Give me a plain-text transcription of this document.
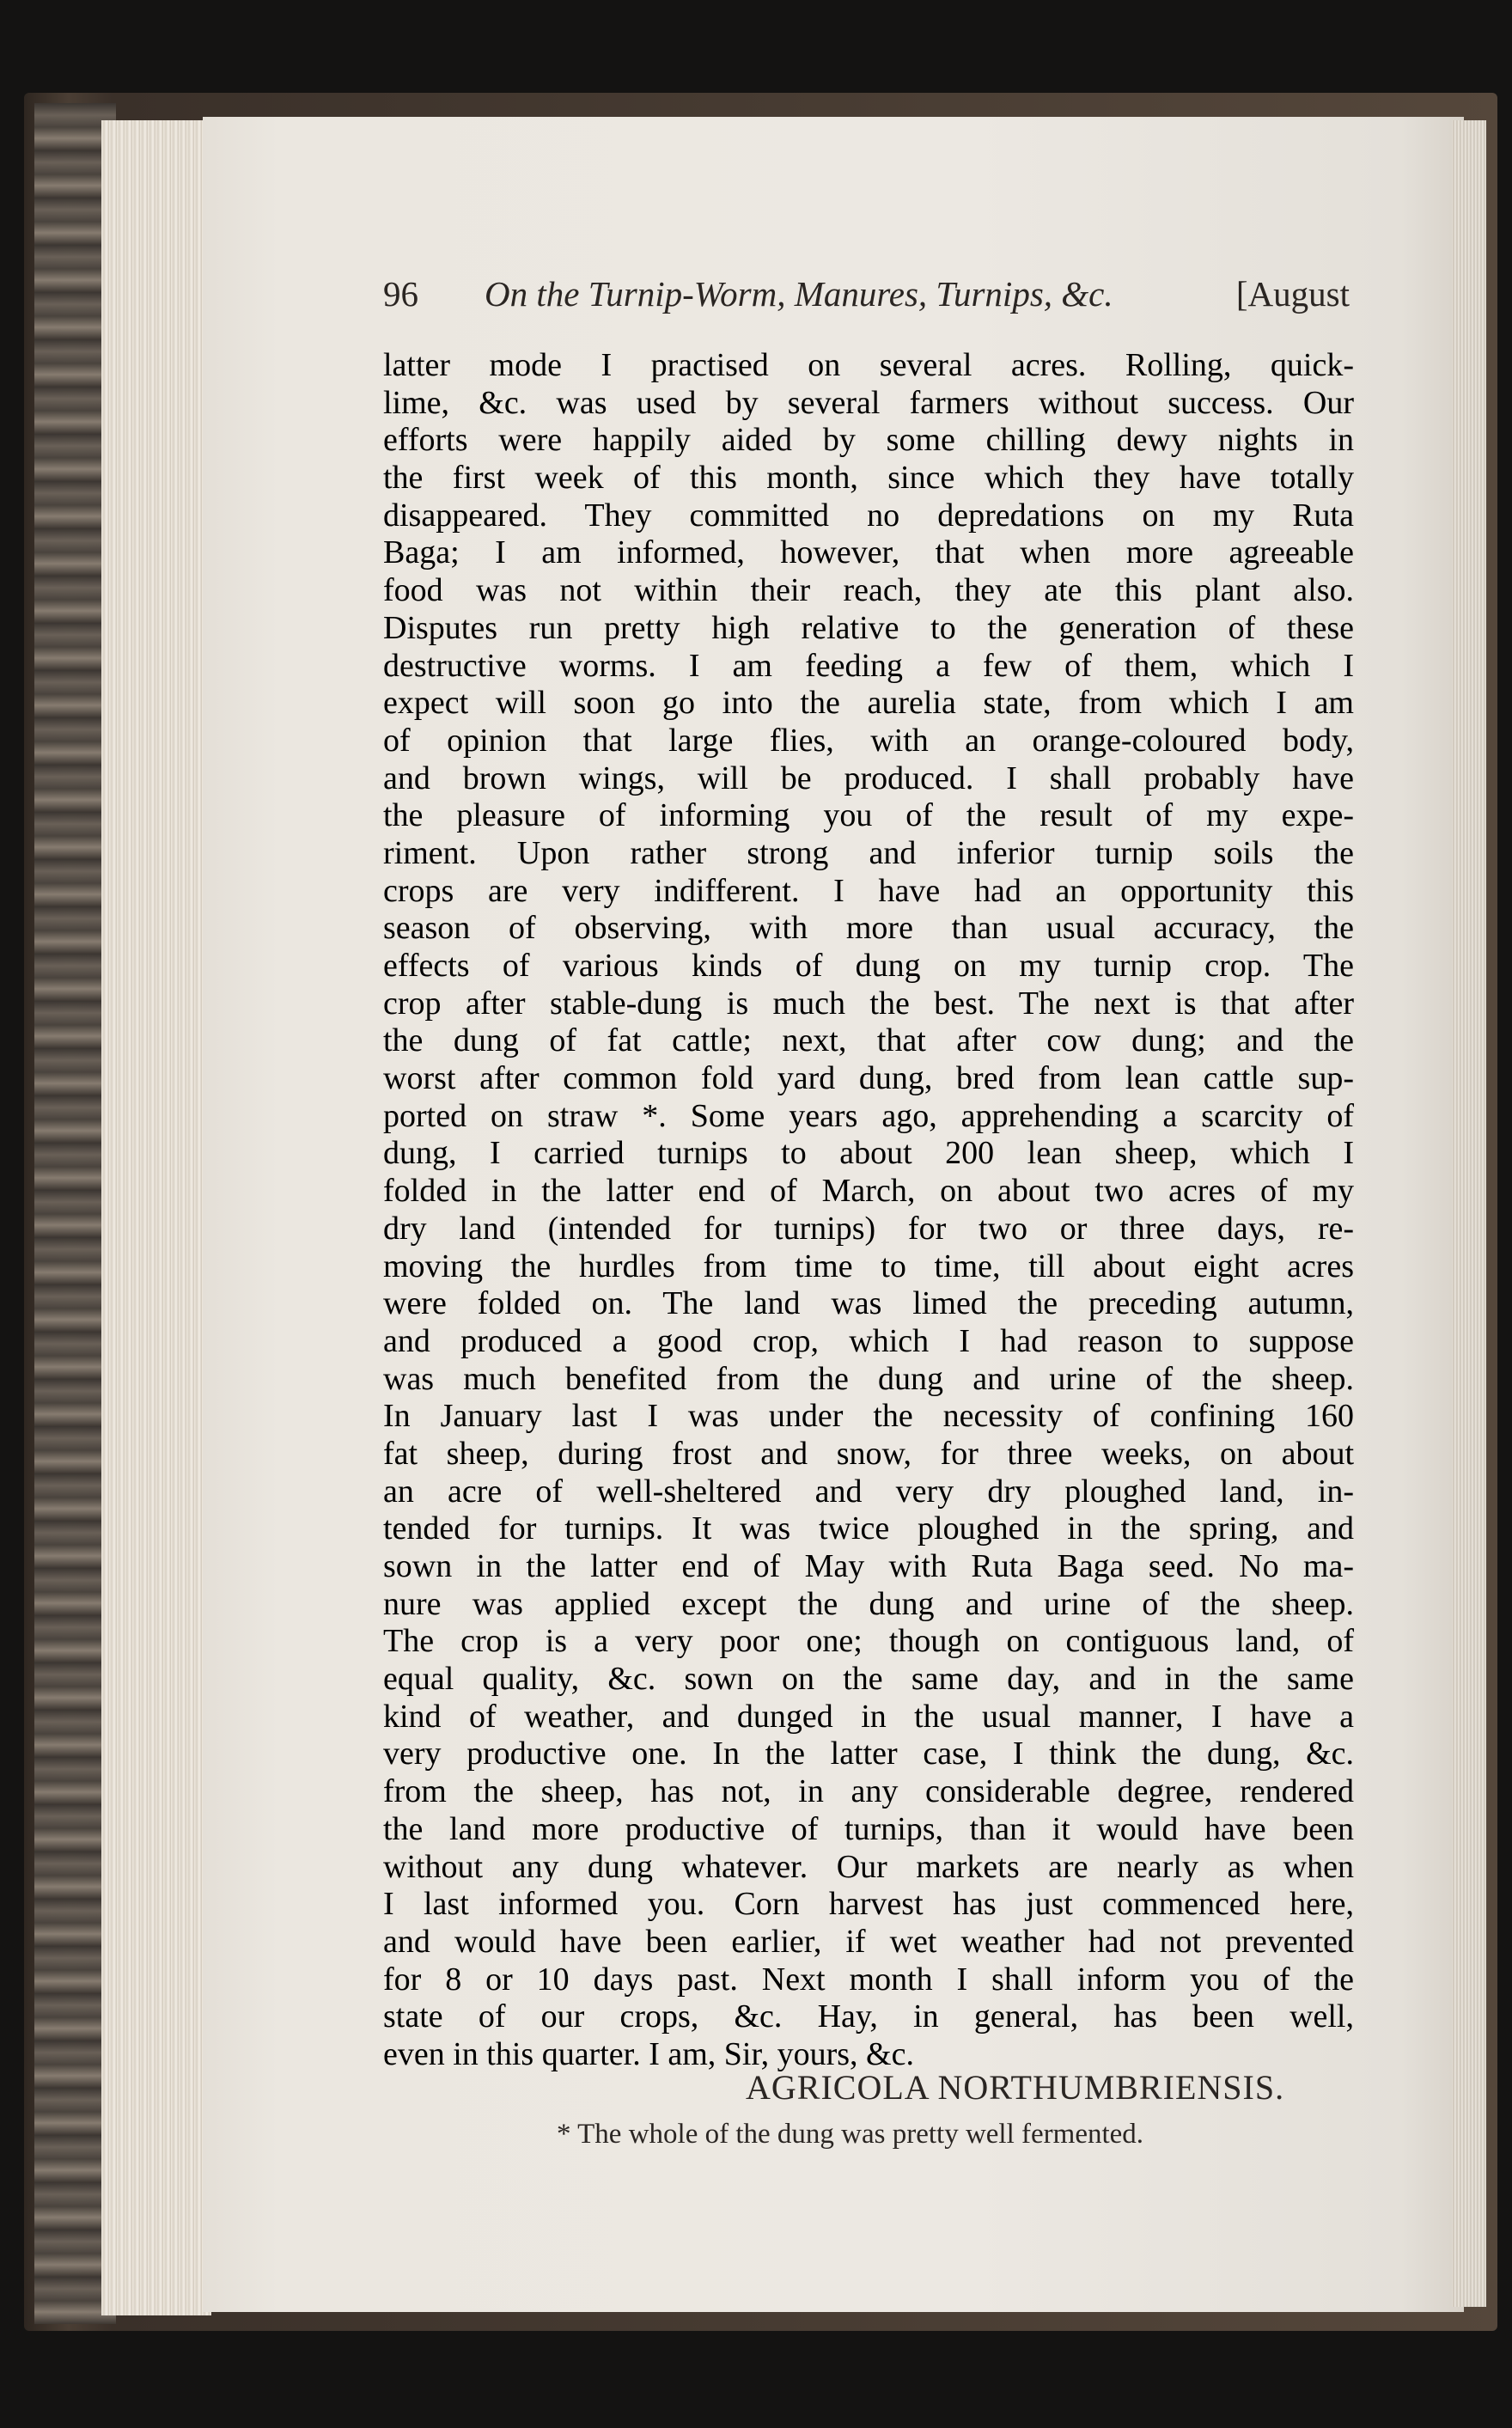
96 On the Turnip-Worm, Manures, Turnips, &c.	[August
latter mode I practised on several acres. Rolling, quick-
lime, &c. was used by several farmers without success. Our
efforts were happily aided by some chilling dewy nights in
the first week of this month, since which they have totally
disappeared. They committed no depredations on my Ruta
Baga; I am informed, however, that when more agreeable
food was not within their reach, they ate this plant also.
Disputes run pretty high relative to the generation of these
destructive worms. I am feeding a few of them, which I
expect will soon go into the aurelia state, from which I am
of opinion that large flies, with an orange-coloured body,
and brown wings, will be produced. I shall probably have
the pleasure of informing you of the result of my expe-
riment. Upon rather strong and inferior turnip soils the
crops are very indifferent. I have had an opportunity this
season of observing, with more than usual accuracy, the
effects of various kinds of dung on my turnip crop. The
crop after stable-dung is much the best. The next is that after
the dung of fat cattle; next, that after cow dung; and the
worst after common fold yard dung, bred from lean cattle sup-
ported on straw *. Some years ago, apprehending a scarcity of
dung, I carried turnips to about 200 lean sheep, which I
folded in the latter end of March, on about two acres of my
dry land (intended for turnips) for two or three days, re-
moving the hurdles from time to time, till about eight acres
were folded on. The land was limed the preceding autumn,
and produced a good crop, which I had reason to suppose
was much benefited from the dung and urine of the sheep.
In January last I was under the necessity of confining 160
fat sheep, during frost and snow, for three weeks, on about
an acre of well-sheltered and very dry ploughed land, in-
tended for turnips. It was twice ploughed in the spring, and
sown in the latter end of May with Ruta Baga seed. No ma-
nure was applied except the dung and urine of the sheep.
The crop is a very poor one; though on contiguous land, of
equal quality, &c. sown on the same day, and in the same
kind of weather, and dunged in the usual manner, I have a
very productive one. In the latter case, I think the dung, &c.
from the sheep, has not, in any considerable degree, rendered
the land more productive of turnips, than it would have been
without any dung whatever. Our markets are nearly as when
I last informed you. Corn harvest has just commenced here,
and would have been earlier, if wet weather had not prevented
for 8 or 10 days past. Next month I shall inform you of the
state of our crops, &c. Hay, in general, has been well,
even in this quarter. I am, Sir, yours, &c.
AGRICOLA NORTHUMBRIENSIS.
* The whole of the dung was pretty well fermented.
